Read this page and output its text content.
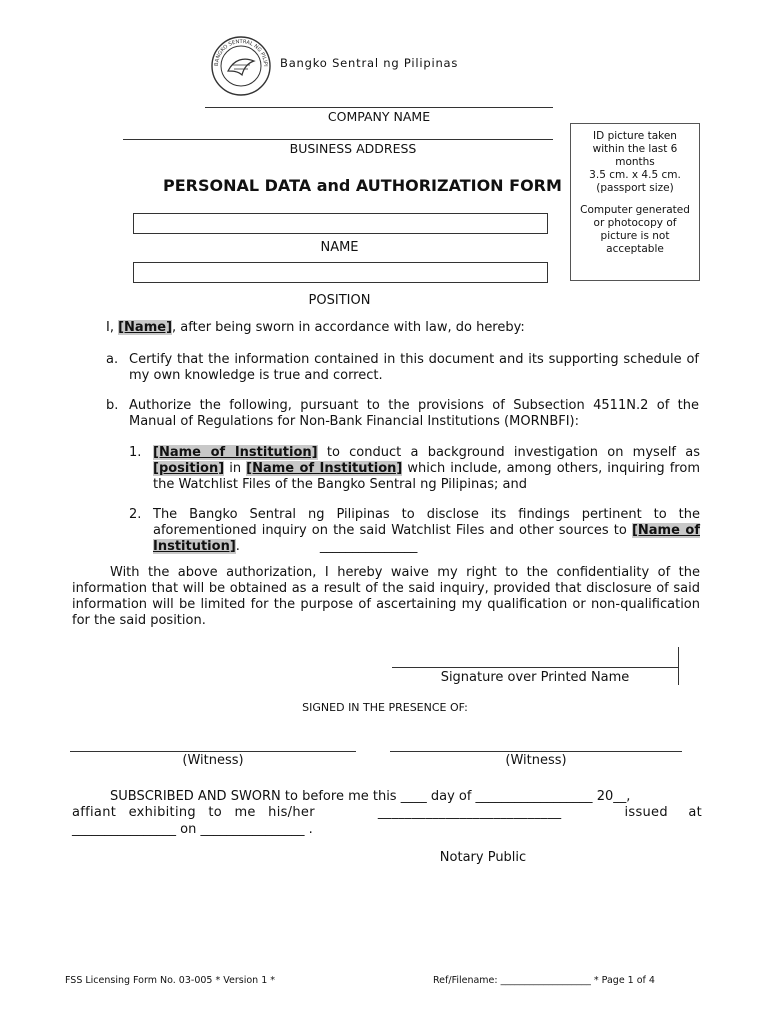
BANGKO SENTRAL NG PILIPI Bangko Sentral ng Pilipinas
COMPANY NAME
BUSINESS ADDRESS
PERSONAL DATA and AUTHORIZATION FORM

ID picture taken within the last 6 months
3.5 cm. x 4.5 cm.
(passport size)

Computer generated or photocopy of picture is not acceptable

NAME
POSITION
I, [Name], after being sworn in accordance with law, do hereby:
a. Certify that the information contained in this document and its supporting schedule of my own knowledge is true and correct.
b. Authorize the following, pursuant to the provisions of Subsection 4511N.2 of the Manual of Regulations for Non-Bank Financial Institutions (MORNBFI):
1. [Name of Institution] to conduct a background investigation on myself as [position] in [Name of Institution] which include, among others, inquiring from the Watchlist Files of the Bangko Sentral ng Pilipinas; and
2. The Bangko Sentral ng Pilipinas to disclose its findings pertinent to the aforementioned inquiry on the said Watchlist Files and other sources to [Name of Institution].	_______________
With the above authorization, I hereby waive my right to the confidentiality of the information that will be obtained as a result of the said inquiry, provided that disclosure of said information will be limited for the purpose of ascertaining my qualification or non-qualification for the said position.
Signature over Printed Name
SIGNED IN THE PRESENCE OF:
(Witness)	(Witness)
SUBSCRIBED AND SWORN to before me this ____ day of __________________ 20__,
affiant exhibiting to me his/her	___________________________	issued at
________________ on ________________ .
Notary Public
FSS Licensing Form No. 03-005 * Version 1 *	Ref/Filename: ___________________ * Page 1 of 4
